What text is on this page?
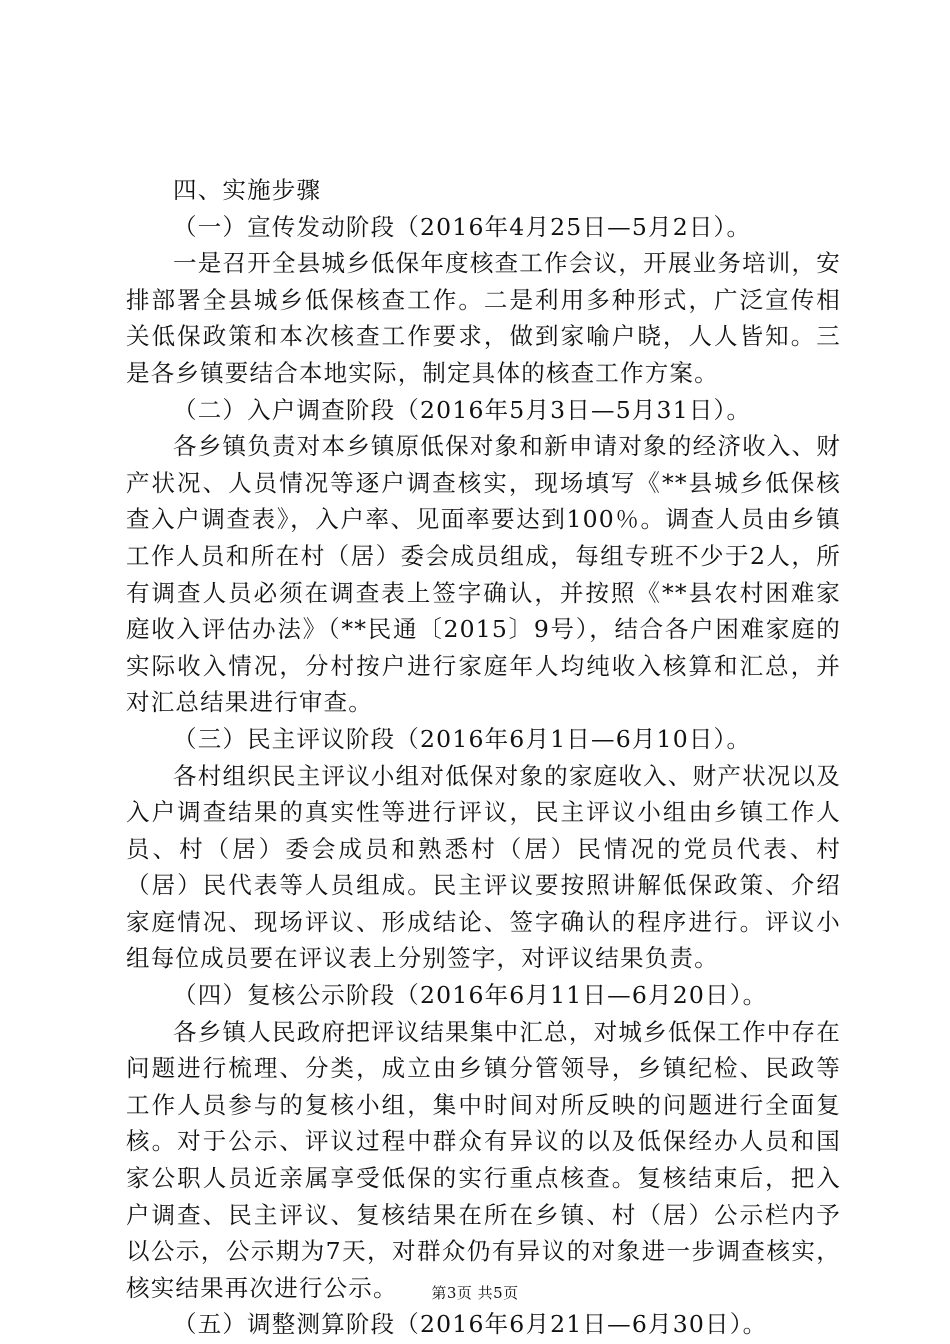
四、实施步骤

（一）宣传发动阶段（2016年4月25日—5月2日）。

一是召开全县城乡低保年度核查工作会议，开展业务培训，安排部署全县城乡低保核查工作。二是利用多种形式，广泛宣传相关低保政策和本次核查工作要求，做到家喻户晓，人人皆知。三是各乡镇要结合本地实际，制定具体的核查工作方案。

（二）入户调查阶段（2016年5月3日—5月31日）。

各乡镇负责对本乡镇原低保对象和新申请对象的经济收入、财产状况、人员情况等逐户调查核实，现场填写《**县城乡低保核查入户调查表》，入户率、见面率要达到100％。调查人员由乡镇工作人员和所在村（居）委会成员组成，每组专班不少于2人，所有调查人员必须在调查表上签字确认，并按照《**县农村困难家庭收入评估办法》（**民通〔2015〕9号），结合各户困难家庭的实际收入情况，分村按户进行家庭年人均纯收入核算和汇总，并对汇总结果进行审查。

（三）民主评议阶段（2016年6月1日—6月10日）。

各村组织民主评议小组对低保对象的家庭收入、财产状况以及入户调查结果的真实性等进行评议，民主评议小组由乡镇工作人员、村（居）委会成员和熟悉村（居）民情况的党员代表、村（居）民代表等人员组成。民主评议要按照讲解低保政策、介绍家庭情况、现场评议、形成结论、签字确认的程序进行。评议小组每位成员要在评议表上分别签字，对评议结果负责。

（四）复核公示阶段（2016年6月11日—6月20日）。

各乡镇人民政府把评议结果集中汇总，对城乡低保工作中存在问题进行梳理、分类，成立由乡镇分管领导，乡镇纪检、民政等工作人员参与的复核小组，集中时间对所反映的问题进行全面复核。对于公示、评议过程中群众有异议的以及低保经办人员和国家公职人员近亲属享受低保的实行重点核查。复核结束后，把入户调查、民主评议、复核结果在所在乡镇、村（居）公示栏内予以公示，公示期为7天，对群众仍有异议的对象进一步调查核实，核实结果再次进行公示。

（五）调整测算阶段（2016年6月21日—6月30日）。

第3页 共5页
